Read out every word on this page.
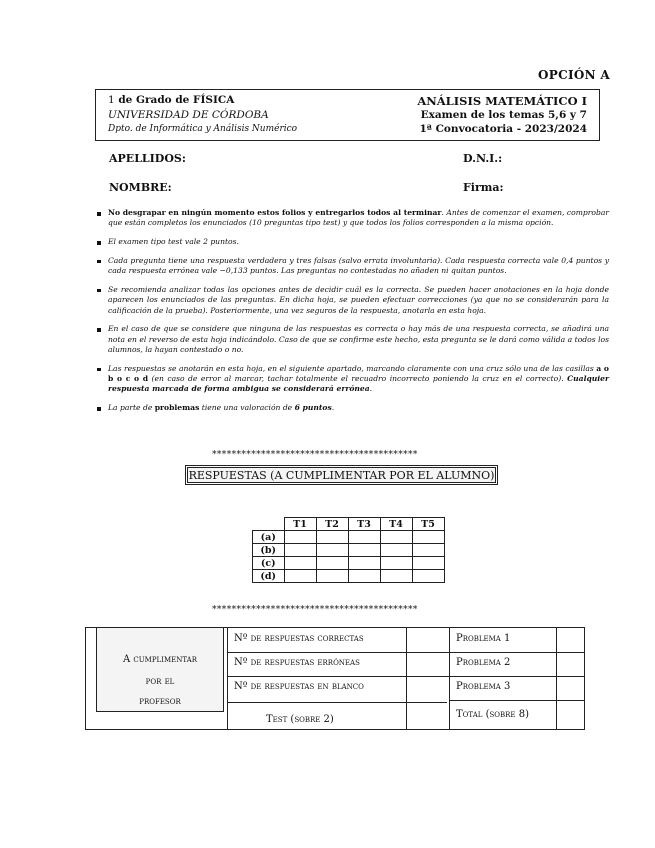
OPCIÓN A
1 de Grado de FÍSICA
UNIVERSIDAD DE CÓRDOBA
Dpto. de Informática y Análisis Numérico
ANÁLISIS MATEMÁTICO I
Examen de los temas 5,6 y 7
1ª Convocatoria - 2023/2024
APELLIDOS:	D.N.I.:
NOMBRE:	Firma:
No desgrapar en ningún momento estos folios y entregarlos todos al terminar. Antes de comenzar el examen, comprobar que están completos los enunciados (10 preguntas tipo test) y que todos los folios corresponden a la misma opción.
El examen tipo test vale 2 puntos.
Cada pregunta tiene una respuesta verdadera y tres falsas (salvo errata involuntaria). Cada respuesta correcta vale 0,4 puntos y cada respuesta errónea vale −0,133 puntos. Las preguntas no contestadas no añaden ni quitan puntos.
Se recomienda analizar todas las opciones antes de decidir cuál es la correcta. Se pueden hacer anotaciones en la hoja donde aparecen los enunciados de las preguntas. En dicha hoja, se pueden efectuar correcciones (ya que no se considerarán para la calificación de la prueba). Posteriormente, una vez seguros de la respuesta, anotarla en esta hoja.
En el caso de que se considere que ninguna de las respuestas es correcta o hay más de una respuesta correcta, se añadirá una nota en el reverso de esta hoja indicándolo. Caso de que se confirme este hecho, esta pregunta se le dará como válida a todos los alumnos, la hayan contestado o no.
Las respuestas se anotarán en esta hoja, en el siguiente apartado, marcando claramente con una cruz sólo una de las casillas a o b o c o d (en caso de error al marcar, tachar totalmente el recuadro incorrecto poniendo la cruz en el correcto). Cualquier respuesta marcada de forma ambigua se considerará errónea.
La parte de problemas tiene una valoración de 6 puntos.
******************************************
RESPUESTAS (A CUMPLIMENTAR POR EL ALUMNO)
	T1	T2	T3	T4	T5
(a)					
(b)					
(c)					
(d)					
******************************************
A cumplimentar
por el
profesor
Nº de respuestas correctas
Nº de respuestas erróneas
Nº de respuestas en blanco
Test (sobre 2)
Problema 1
Problema 2
Problema 3
Total (sobre 8)
